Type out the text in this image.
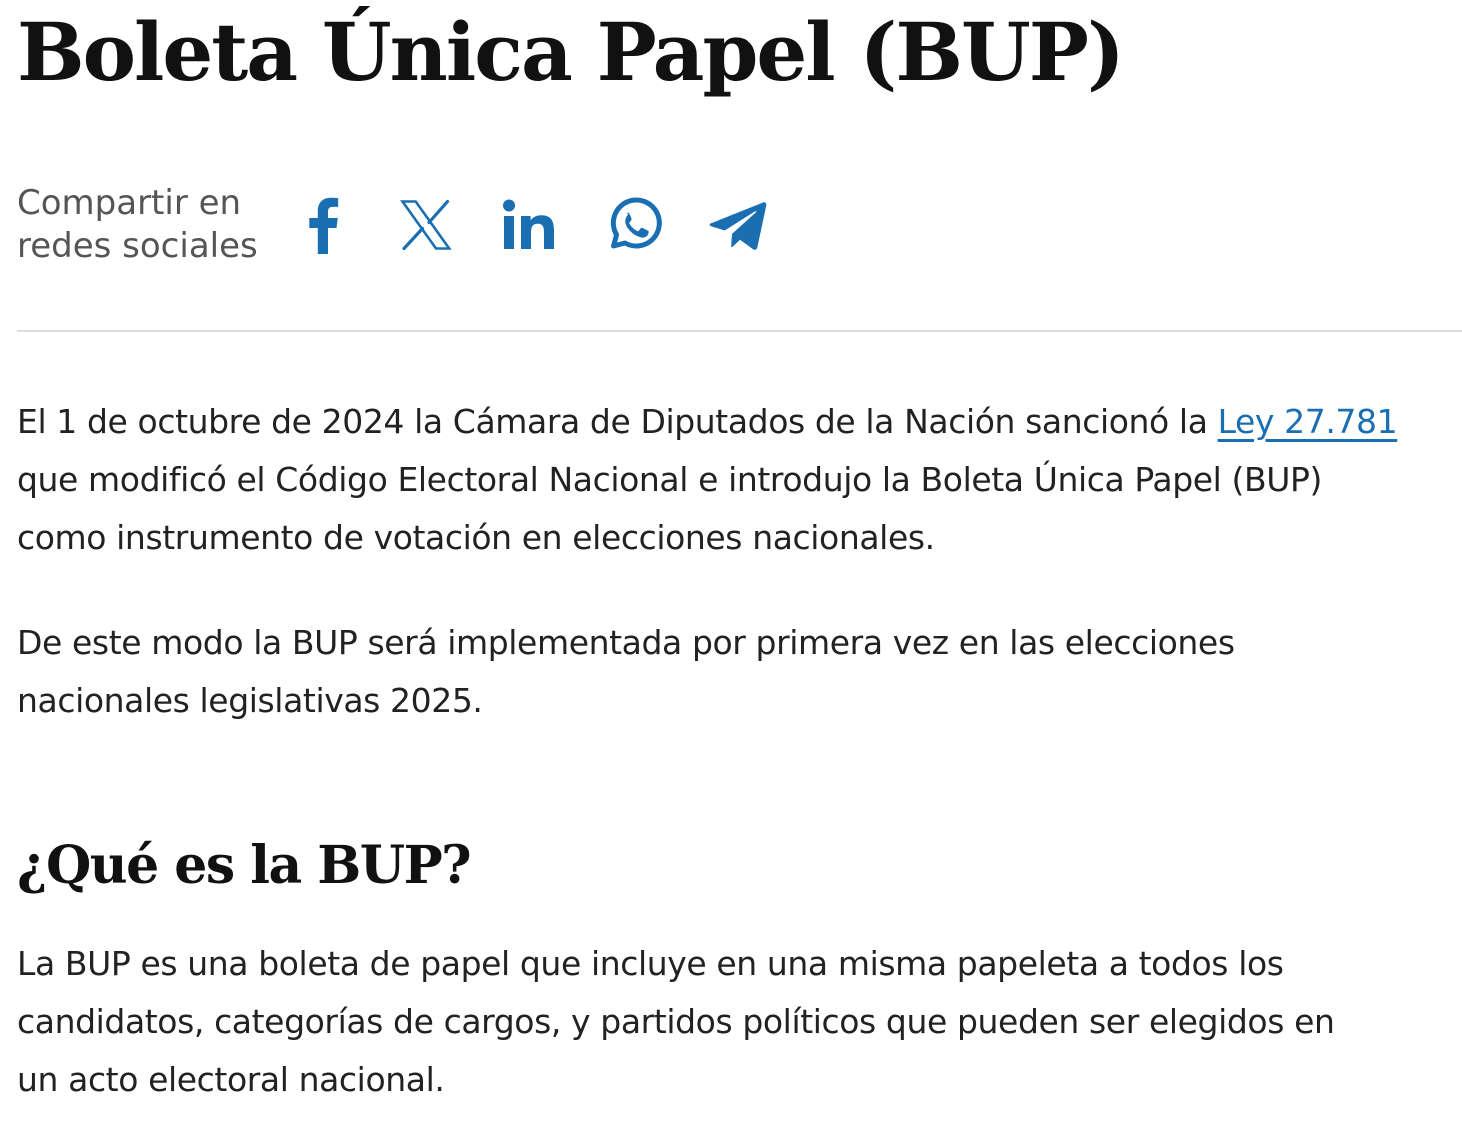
Boleta Única Papel (BUP)
Compartir en
redes sociales

El 1 de octubre de 2024 la Cámara de Diputados de la Nación sancionó la Ley 27.781
que modificó el Código Electoral Nacional e introdujo la Boleta Única Papel (BUP)
como instrumento de votación en elecciones nacionales.

De este modo la BUP será implementada por primera vez en las elecciones
nacionales legislativas 2025.

¿Qué es la BUP?

La BUP es una boleta de papel que incluye en una misma papeleta a todos los
candidatos, categorías de cargos, y partidos políticos que pueden ser elegidos en
un acto electoral nacional.
